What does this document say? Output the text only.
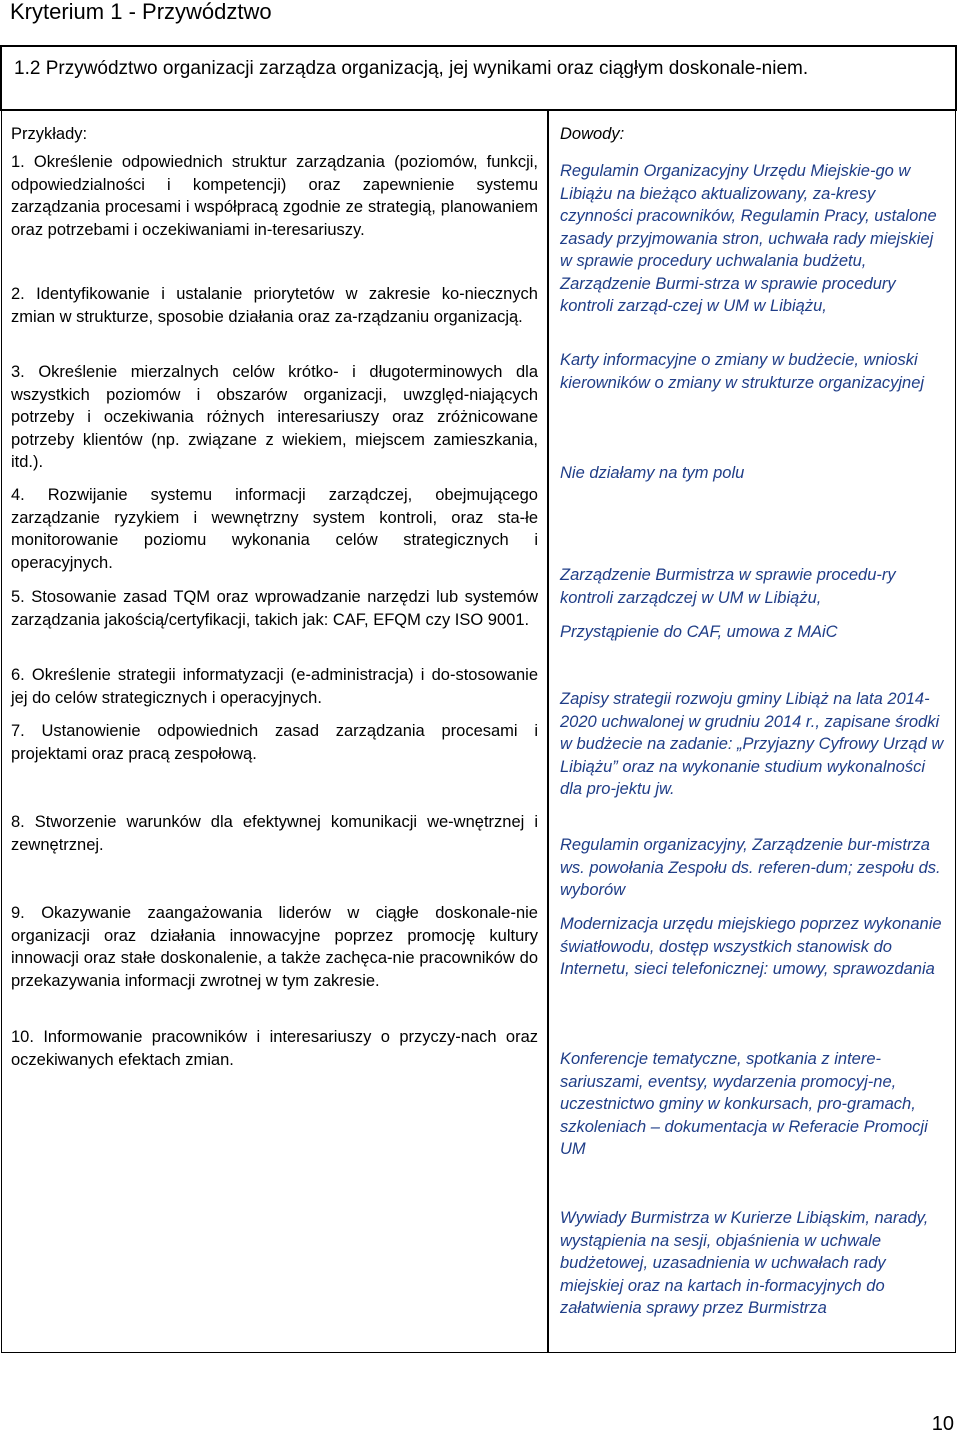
Kryterium 1 - Przywództwo

1.2 Przywództwo organizacji zarządza organizacją, jej wynikami oraz ciągłym doskonale-niem.

Przykłady:	Dowody:

1. Określenie odpowiednich struktur zarządzania (poziomów, funkcji, odpowiedzialności i kompetencji) oraz zapewnienie systemu zarządzania procesami i współpracą zgodnie ze strategią, planowaniem oraz potrzebami i oczekiwaniami in-teresariuszy.

2. Identyfikowanie i ustalanie priorytetów w zakresie ko-niecznych zmian w strukturze, sposobie działania oraz za-rządzaniu organizacją.

3. Określenie mierzalnych celów krótko- i długoterminowych dla wszystkich poziomów i obszarów organizacji, uwzględ-niających potrzeby i oczekiwania różnych interesariuszy oraz zróżnicowane potrzeby klientów (np. związane z wiekiem, miejscem zamieszkania, itd.).

4. Rozwijanie systemu informacji zarządczej, obejmującego zarządzanie ryzykiem i wewnętrzny system kontroli, oraz sta-łe monitorowanie poziomu wykonania celów strategicznych i operacyjnych.

5. Stosowanie zasad TQM oraz wprowadzanie narzędzi lub systemów zarządzania jakością/certyfikacji, takich jak: CAF, EFQM czy ISO 9001.

6. Określenie strategii informatyzacji (e-administracja) i do-stosowanie jej do celów strategicznych i operacyjnych.

7. Ustanowienie odpowiednich zasad zarządzania procesami i projektami oraz pracą zespołową.

8. Stworzenie warunków dla efektywnej komunikacji we-wnętrznej i zewnętrznej.

9. Okazywanie zaangażowania liderów w ciągłe doskonale-nie organizacji oraz działania innowacyjne poprzez promocję kultury innowacji oraz stałe doskonalenie, a także zachęca-nie pracowników do przekazywania informacji zwrotnej w tym zakresie.

10. Informowanie pracowników i interesariuszy o przyczy-nach oraz oczekiwanych efektach zmian.

Regulamin Organizacyjny Urzędu Miejskie-go w Libiążu na bieżąco aktualizowany, za-kresy czynności pracowników, Regulamin Pracy, ustalone zasady przyjmowania stron, uchwała rady miejskiej w sprawie procedury uchwalania budżetu, Zarządzenie Burmi-strza w sprawie procedury kontroli zarząd-czej w UM w Libiążu,

Karty informacyjne o zmiany w budżecie, wnioski kierowników o zmiany w strukturze organizacyjnej

Nie działamy na tym polu

Zarządzenie Burmistrza w sprawie procedu-ry kontroli zarządczej w UM w Libiążu,

Przystąpienie do CAF, umowa z MAiC

Zapisy strategii rozwoju gminy Libiąż na lata 2014-2020 uchwalonej w grudniu 2014 r., zapisane środki w budżecie na zadanie: „Przyjazny Cyfrowy Urząd w Libiążu” oraz na wykonanie studium wykonalności dla pro-jektu jw.

Regulamin organizacyjny, Zarządzenie bur-mistrza ws. powołania Zespołu ds. referen-dum; zespołu ds. wyborów

Modernizacja urzędu miejskiego poprzez wykonanie światłowodu, dostęp wszystkich stanowisk do Internetu, sieci telefonicznej: umowy, sprawozdania

Konferencje tematyczne, spotkania z intere-sariuszami, eventsy, wydarzenia promocyj-ne, uczestnictwo gminy w konkursach, pro-gramach, szkoleniach – dokumentacja w Referacie Promocji UM

Wywiady Burmistrza w Kurierze Libiąskim, narady, wystąpienia na sesji, objaśnienia w uchwale budżetowej, uzasadnienia w uchwałach rady miejskiej oraz na kartach in-formacyjnych do załatwienia sprawy przez Burmistrza

10
